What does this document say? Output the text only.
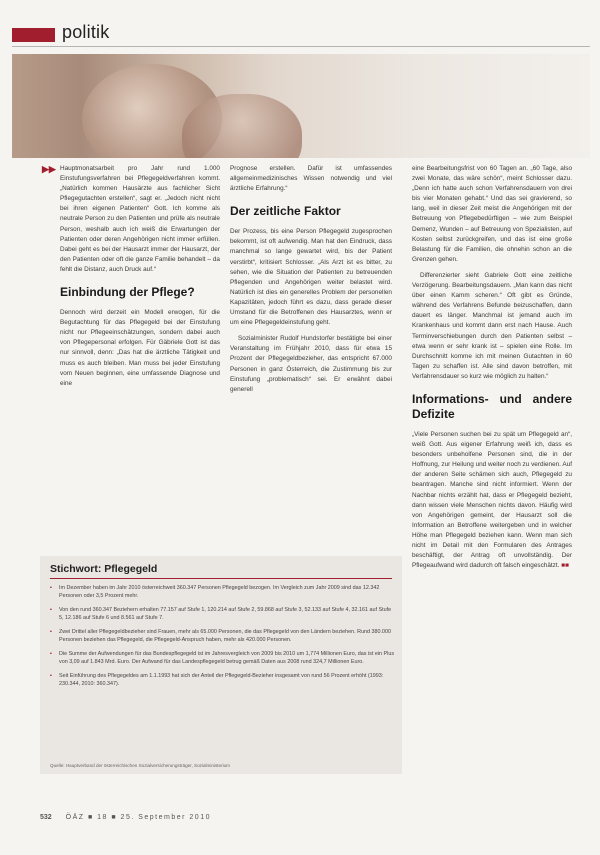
politik
▶▶ Hauptmonatsarbeit pro Jahr rund 1.000 Einstufungsverfahren bei Pflegegeldverfahren kommt. „Natürlich kommen Hausärzte aus fachlicher Sicht Pflegegutachten erstellen“, sagt er. „Jedoch nicht nicht bei ihren eigenen Patienten“ Gott. Ich komme als neutrale Person zu den Patienten und prüfe als neutrale Person, weshalb auch ich weiß die Erwartungen der Patienten oder deren Angehörigen nicht immer erfüllen. Dabei geht es bei der Hausarzt immer der Hausarzt, der den Patienten oder oft die ganze Familie behandelt – da fehlt die Distanz, auch Druck auf.“

Einbindung der Pflege?

Dennoch wird derzeit ein Modell erwogen, für die Begutachtung für das Pflegegeld bei der Einstufung nicht nur Pflegeeinschätzungen, sondern dabei auch von Pflegepersonal erfolgen. Für Gäbriele Gott ist das nur sinnvoll, denn: „Das hat die ärztliche Tätigkeit und muss es auch bleiben. Man muss bei jeder Einstufung vom Neuen beginnen, eine umfassende Diagnose und eine

Prognose erstellen. Dafür ist umfassendes allgemeinmedizinisches Wissen notwendig und viel ärztliche Erfahrung.“

Der zeitliche Faktor

Der Prozess, bis eine Person Pflegegeld zugesprochen bekommt, ist oft aufwendig. Man hat den Eindruck, dass manchmal so lange gewartet wird, bis der Patient verstirbt“, kritisiert Schlosser. „Als Arzt ist es bitter, zu sehen, wie die Situation der Patienten zu betreuenden Pflegenden und Angehörigen weiter belastet wird. Natürlich ist dies ein generelles Problem der personellen Kapazitäten, jedoch führt es dazu, dass gerade dieser Umstand für die Betroffenen des Hausarztes, wenn er um eine Pflegegeldeinstufung geht.

Sozialminister Rudolf Hundstorfer bestätigte bei einer Veranstaltung im Frühjahr 2010, dass für etwa 15 Prozent der Pflegegeldbezieher, das entspricht 67.000 Personen in ganz Österreich, die Zustimmung bis zur Einstufung „problematisch“ sei. Er erwähnt dabei generell

eine Bearbeitungsfrist von 60 Tagen an. „60 Tage, also zwei Monate, das wäre schön“, meint Schlosser dazu. „Denn ich hatte auch schon Verfahrensdauern von drei bis vier Monaten gehabt.“ Und das sei gravierend, so lang, weil in dieser Zeit meist die Angehörigen mit der Betreuung von Pflegebedürftigen – wie zum Beispiel Demenz, Wunden – auf Betreuung von Spezialisten, auf Kosten selbst zurückgreifen, und das ist eine große Belastung für die Familien, die ohnehin schon an die Grenzen gehen.

Differenzierter sieht Gabriele Gott eine zeitliche Verzögerung. Bearbeitungsdauern. „Man kann das nicht über einen Kamm scheren.“ Oft gibt es Gründe, während des Verfahrens Befunde beizuschaffen, dann dauert es länger. Manchmal ist jemand auch im Krankenhaus und kommt dann erst nach Hause. Auch Terminverschiebungen durch den Patienten selbst – etwa wenn er sehr krank ist – spielen eine Rolle. Im Durchschnitt komme ich mit meinen Gutachten in 60 Tagen zu schaffen ist. Alle sind davon betroffen, mit Verfahrensdauer so kurz wie möglich zu halten.“

Informations- und andere Defizite

„Viele Personen suchen bei zu spät um Pflegegeld an“, weiß Gott. Aus eigener Erfahrung weiß ich, dass es besonders unbeholfene Personen sind, die in der Hoffnung, zur Heilung und weiter noch zu verdienen. Auf der anderen Seite schämen sich auch, Pflegegeld zu beantragen. Manche sind nicht informiert. Wenn der Nachbar nichts erzählt hat, dass er Pflegegeld bezieht, dann wissen viele Menschen nichts davon. Häufig wird von Angehörigen gemeint, der Hausarzt soll die Information an Betroffene weitergeben und in welcher Höhe man Pflegegeld beziehen kann. Wenn man sich nicht im Detail mit den Formularen des Antrages beschäftigt, der Antrag oft unvollständig. Der Pflegeaufwand wird dadurch oft falsch eingeschätzt. ■■

Stichwort: Pflegegeld
▪ Im Dezember haben im Jahr 2010 österreichweit 360.347 Personen Pflegegeld bezogen. Im Vergleich zum Jahr 2009 sind das 12.342 Personen oder 3,5 Prozent mehr.
▪ Von den rund 360.347 Beziehern erhalten 77.157 auf Stufe 1, 120.214 auf Stufe 2, 59.868 auf Stufe 3, 52.133 auf Stufe 4, 32.161 auf Stufe 5, 12.186 auf Stufe 6 und 8.561 auf Stufe 7.
▪ Zwei Drittel aller Pflegegeldbezieher sind Frauen, mehr als 65.000 Personen, die das Pflegegeld von den Ländern beziehen. Rund 380.000 Personen beziehen das Pflegegeld, die Pflegegeld-Anspruch haben, mehr als 420.000 Personen.
▪ Die Summe der Aufwendungen für das Bundespflegegeld ist im Jahresvergleich von 2009 bis 2010 um 1,774 Millionen Euro, das ist ein Plus von 3,09 auf 1.843 Mrd. Euro. Der Aufwand für das Landespflegegeld betrug gemäß Daten aus 2008 rund 324,7 Millionen Euro.
▪ Seit Einführung des Pflegegeldes am 1.1.1993 hat sich der Anteil der Pflegegeld-Bezieher insgesamt von rund 56 Prozent erhöht (1993: 230.344, 2010: 360.347).
Quelle: Hauptverband der österreichischen Sozialversicherungsträger, Sozialministerium
532 ÖÄZ ■ 18 ■ 25. September 2010
